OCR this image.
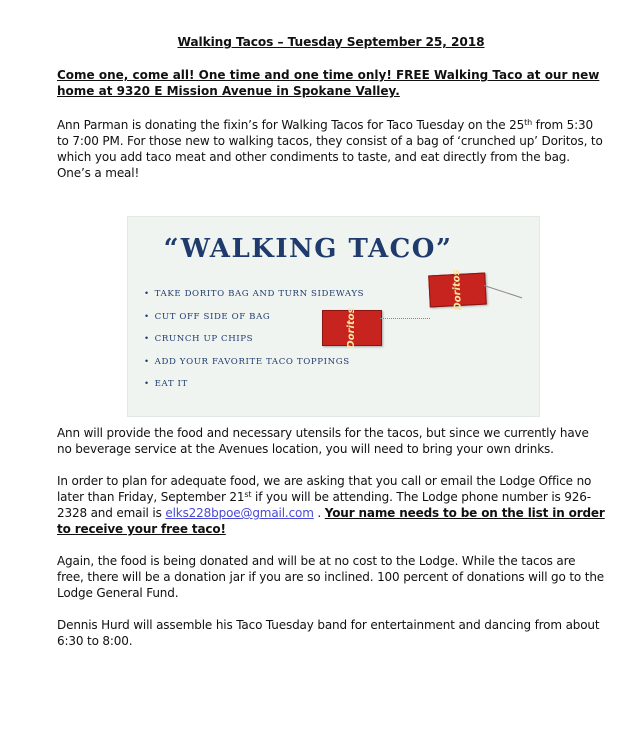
Walking Tacos – Tuesday September 25, 2018
Come one, come all! One time and one time only! FREE Walking Taco at our new home at 9320 E Mission Avenue in Spokane Valley.

Ann Parman is donating the fixin’s for Walking Tacos for Taco Tuesday on the 25th from 5:30 to 7:00 PM. For those new to walking tacos, they consist of a bag of ‘crunched up’ Doritos, to which you add taco meat and other condiments to taste, and eat directly from the bag. One’s a meal!

Ann will provide the food and necessary utensils for the tacos, but since we currently have no beverage service at the Avenues location, you will need to bring your own drinks.

In order to plan for adequate food, we are asking that you call or email the Lodge Office no later than Friday, September 21st if you will be attending. The Lodge phone number is 926-2328 and email is elks228bpoe@gmail.com . Your name needs to be on the list in order to receive your free taco!

Again, the food is being donated and will be at no cost to the Lodge. While the tacos are free, there will be a donation jar if you are so inclined. 100 percent of donations will go to the Lodge General Fund.

Dennis Hurd will assemble his Taco Tuesday band for entertainment and dancing from about 6:30 to 8:00.

“WALKING TACO”
• TAKE DORITO BAG AND TURN SIDEWAYS
• CUT OFF SIDE OF BAG
• CRUNCH UP CHIPS
• ADD YOUR FAVORITE TACO TOPPINGS
• EAT IT
Doritos
Doritos
